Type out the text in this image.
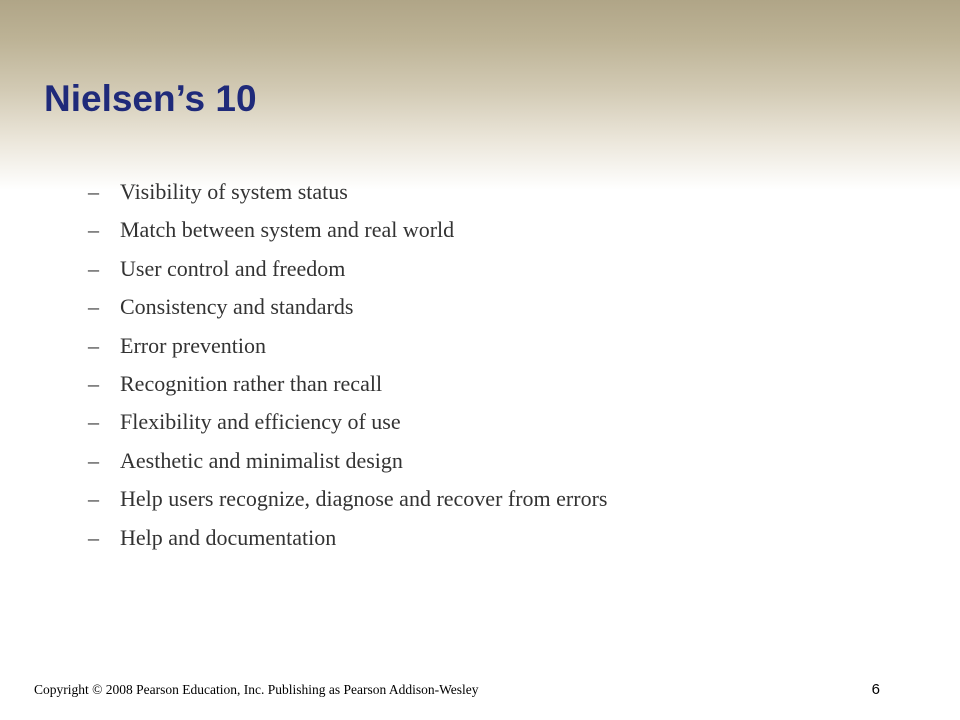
Nielsen’s 10
– Visibility of system status
– Match between system and real world
– User control and freedom
– Consistency and standards
– Error prevention
– Recognition rather than recall
– Flexibility and efficiency of use
– Aesthetic and minimalist design
– Help users recognize, diagnose and recover from errors
– Help and documentation
Copyright © 2008 Pearson Education, Inc. Publishing as Pearson Addison-Wesley	6
